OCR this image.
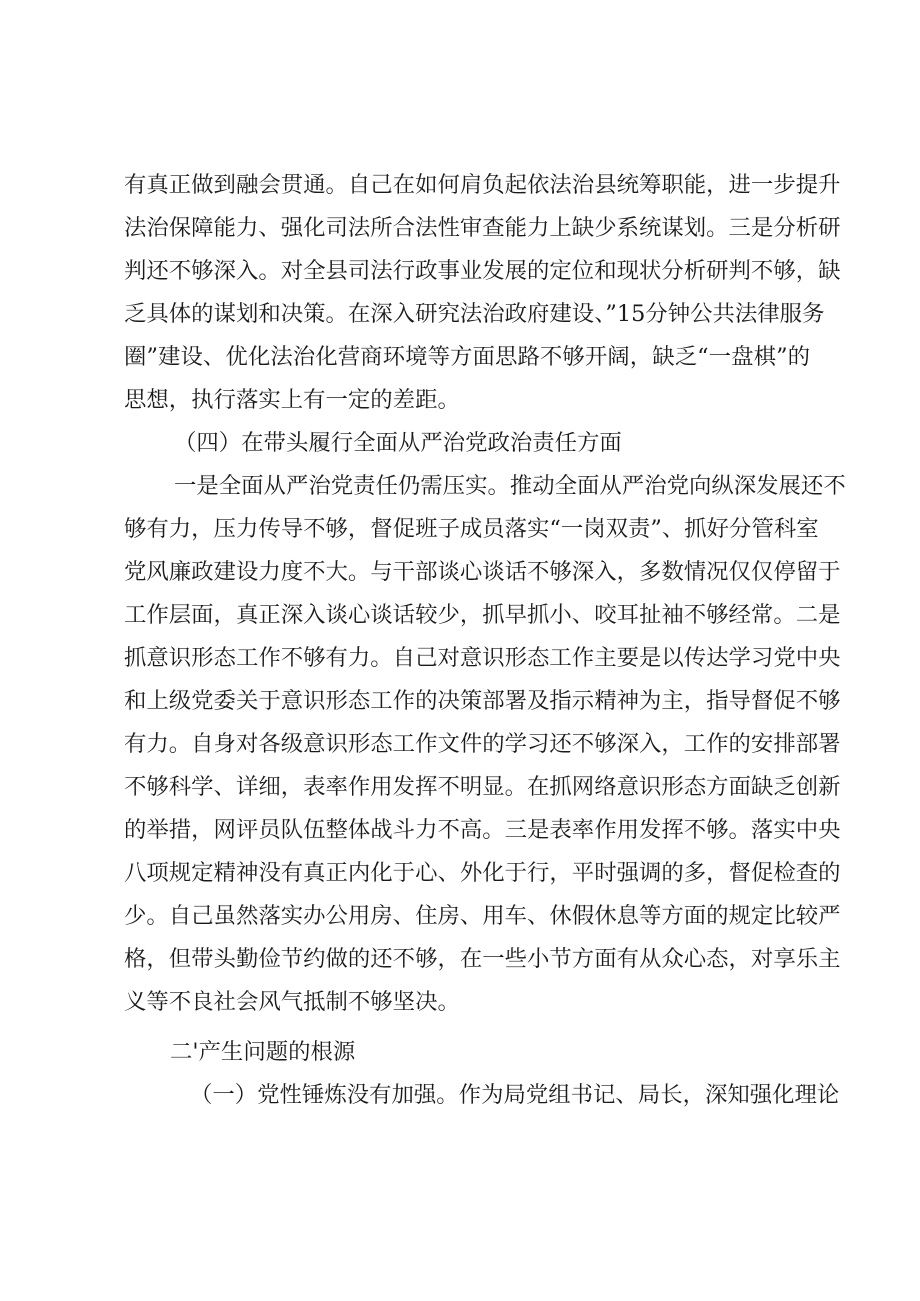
有真正做到融会贯通。自己在如何肩负起依法治县统筹职能，进一步提升

法治保障能力、强化司法所合法性审查能力上缺少系统谋划。三是分析研

判还不够深入。对全县司法行政事业发展的定位和现状分析研判不够，缺

乏具体的谋划和决策。在深入研究法治政府建设、”15分钟公共法律服务

圈”建设、优化法治化营商环境等方面思路不够开阔，缺乏“一盘棋”的

思想，执行落实上有一定的差距。

（四）在带头履行全面从严治党政治责任方面

一是全面从严治党责任仍需压实。推动全面从严治党向纵深发展还不

够有力，压力传导不够，督促班子成员落实“一岗双责”、抓好分管科室

党风廉政建设力度不大。与干部谈心谈话不够深入，多数情况仅仅停留于

工作层面，真正深入谈心谈话较少，抓早抓小、咬耳扯袖不够经常。二是

抓意识形态工作不够有力。自己对意识形态工作主要是以传达学习党中央

和上级党委关于意识形态工作的决策部署及指示精神为主，指导督促不够

有力。自身对各级意识形态工作文件的学习还不够深入，工作的安排部署

不够科学、详细，表率作用发挥不明显。在抓网络意识形态方面缺乏创新

的举措，网评员队伍整体战斗力不高。三是表率作用发挥不够。落实中央

八项规定精神没有真正内化于心、外化于行，平时强调的多，督促检查的

少。自己虽然落实办公用房、住房、用车、休假休息等方面的规定比较严

格，但带头勤俭节约做的还不够，在一些小节方面有从众心态，对享乐主

义等不良社会风气抵制不够坚决。

二'产生问题的根源

（一）党性锤炼没有加强。作为局党组书记、局长，深知强化理论
